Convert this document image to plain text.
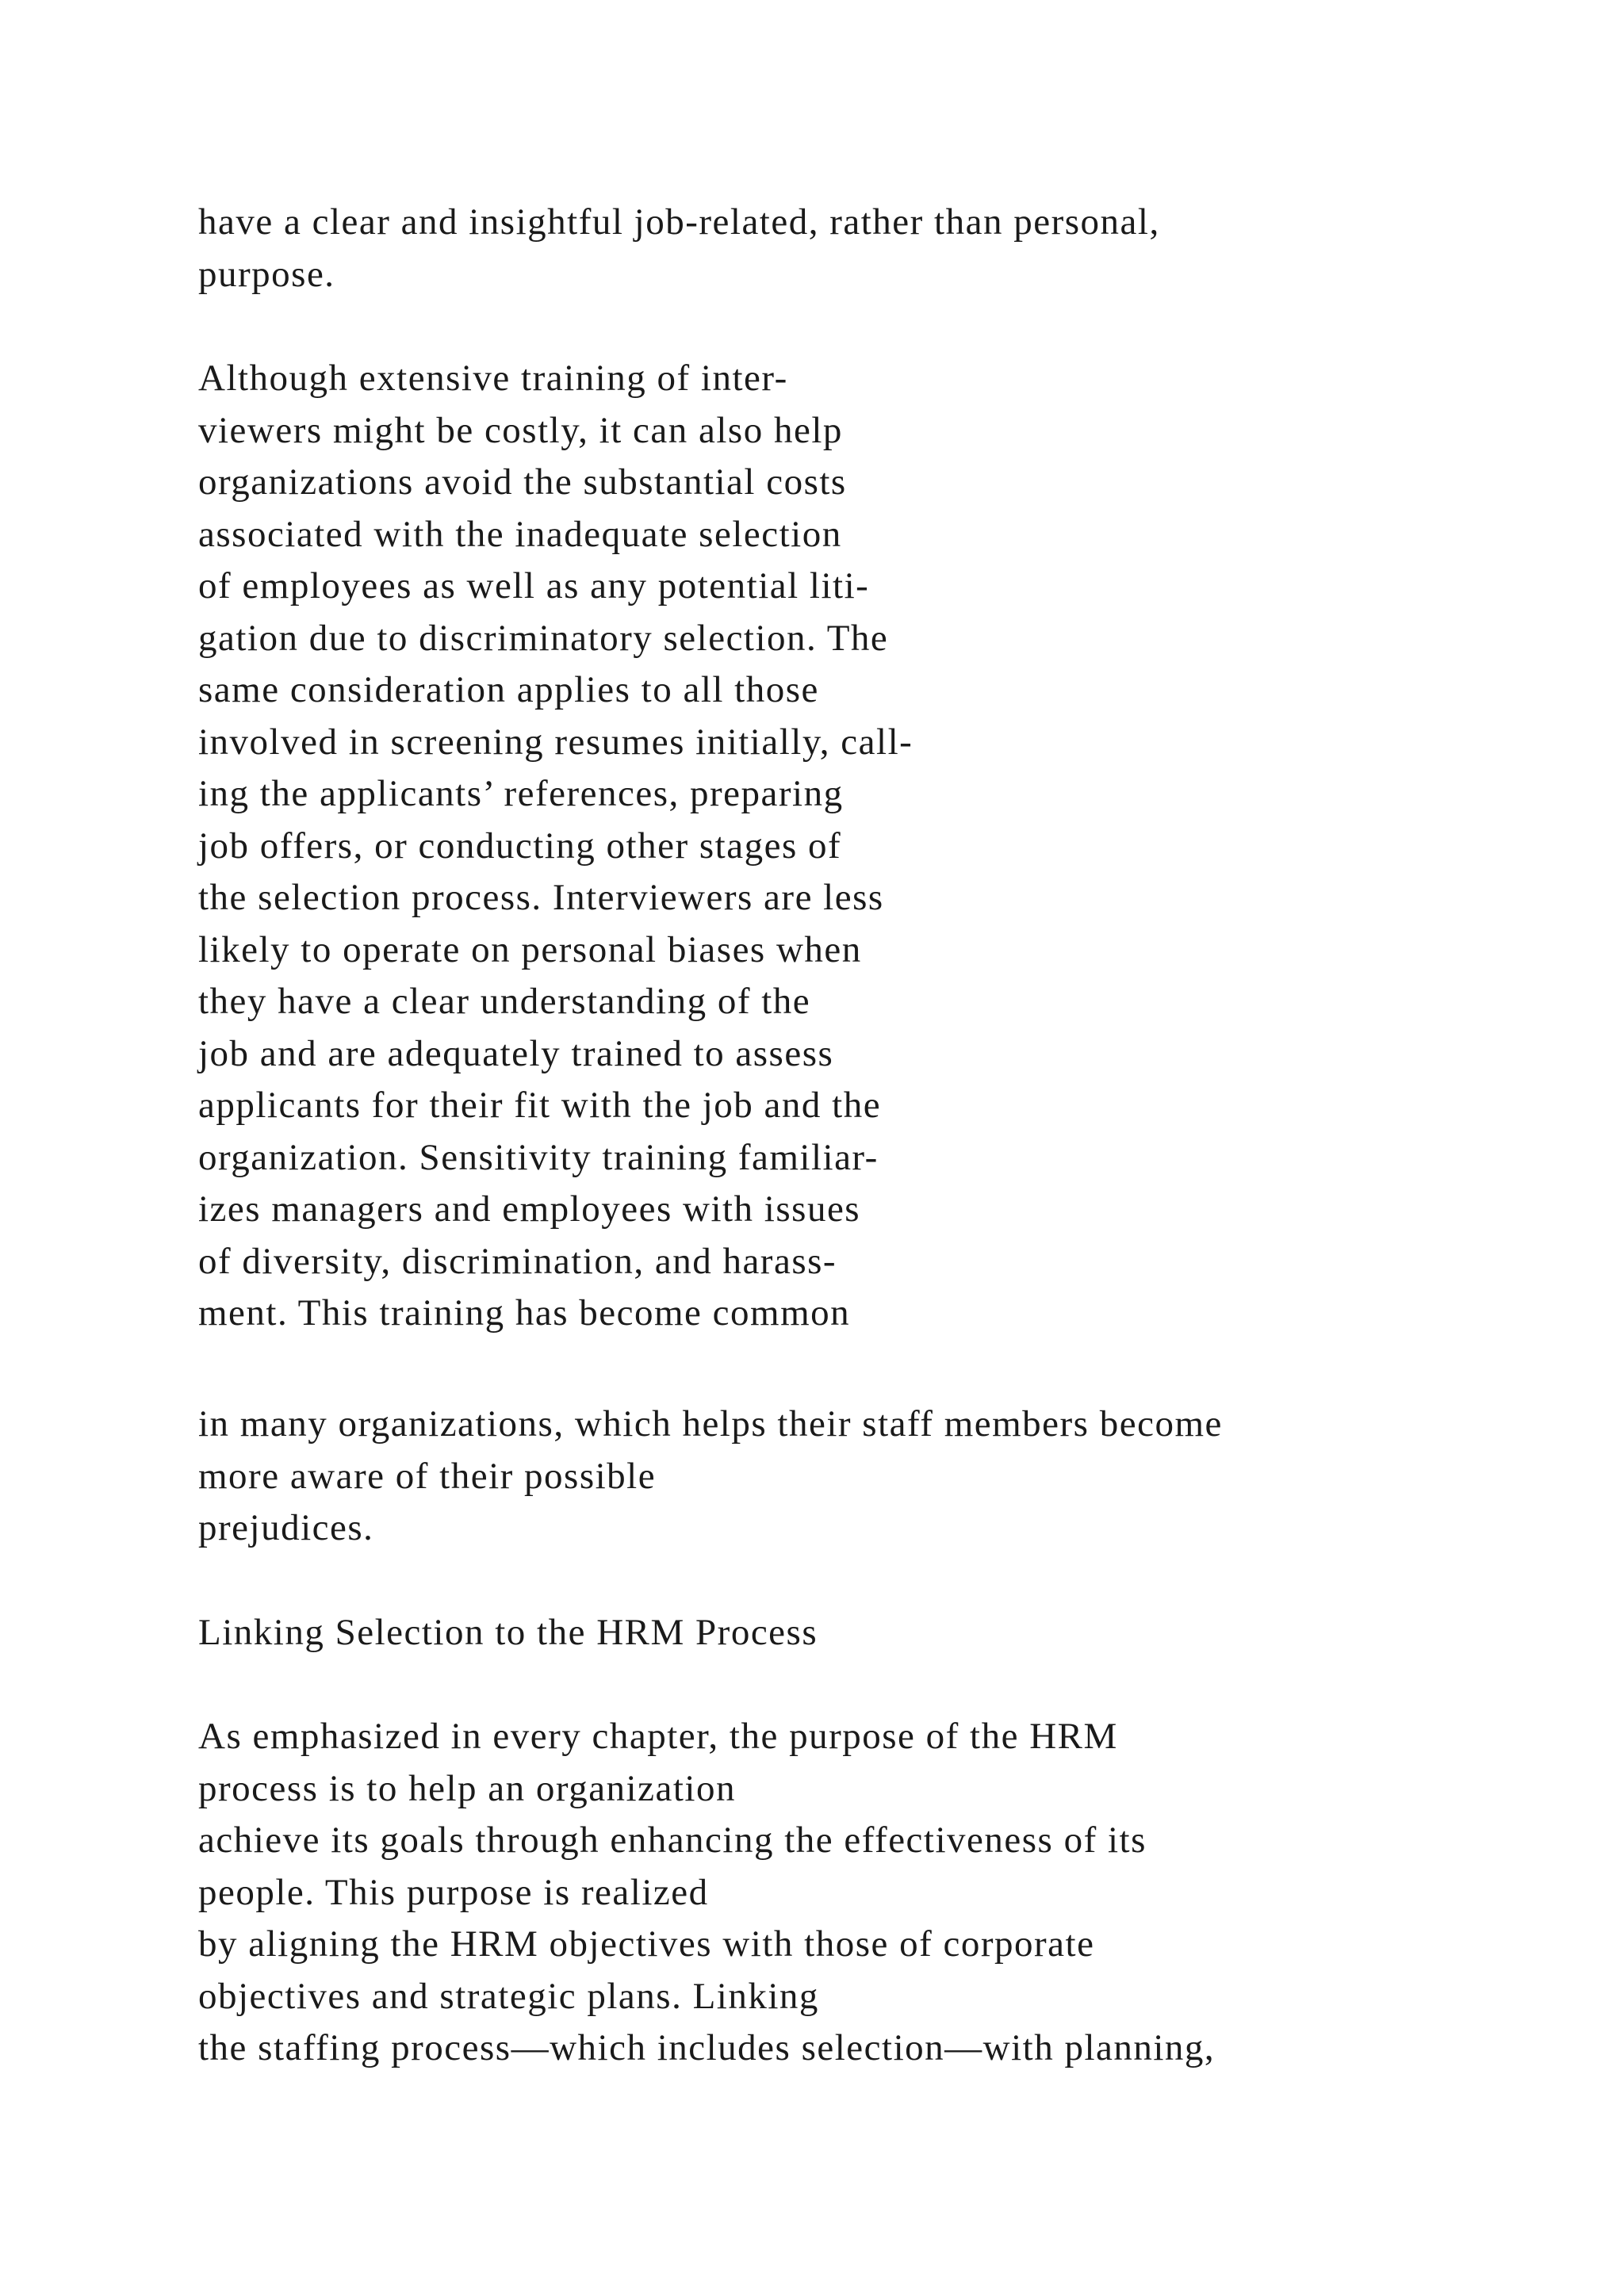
have a clear and insightful job-related, rather than personal,
purpose.

Although extensive training of inter-
viewers might be costly, it can also help
organizations avoid the substantial costs
associated with the inadequate selection
of employees as well as any potential liti-
gation due to discriminatory selection. The
same consideration applies to all those
involved in screening resumes initially, call-
ing the applicants’ references, preparing
job offers, or conducting other stages of
the selection process. Interviewers are less
likely to operate on personal biases when
they have a clear understanding of the
job and are adequately trained to assess
applicants for their fit with the job and the
organization. Sensitivity training familiar-
izes managers and employees with issues
of diversity, discrimination, and harass-
ment. This training has become common

in many organizations, which helps their staff members become
more aware of their possible
prejudices.

Linking Selection to the HRM Process

As emphasized in every chapter, the purpose of the HRM
process is to help an organization
achieve its goals through enhancing the effectiveness of its
people. This purpose is realized
by aligning the HRM objectives with those of corporate
objectives and strategic plans. Linking
the staffing process—which includes selection—with planning,
